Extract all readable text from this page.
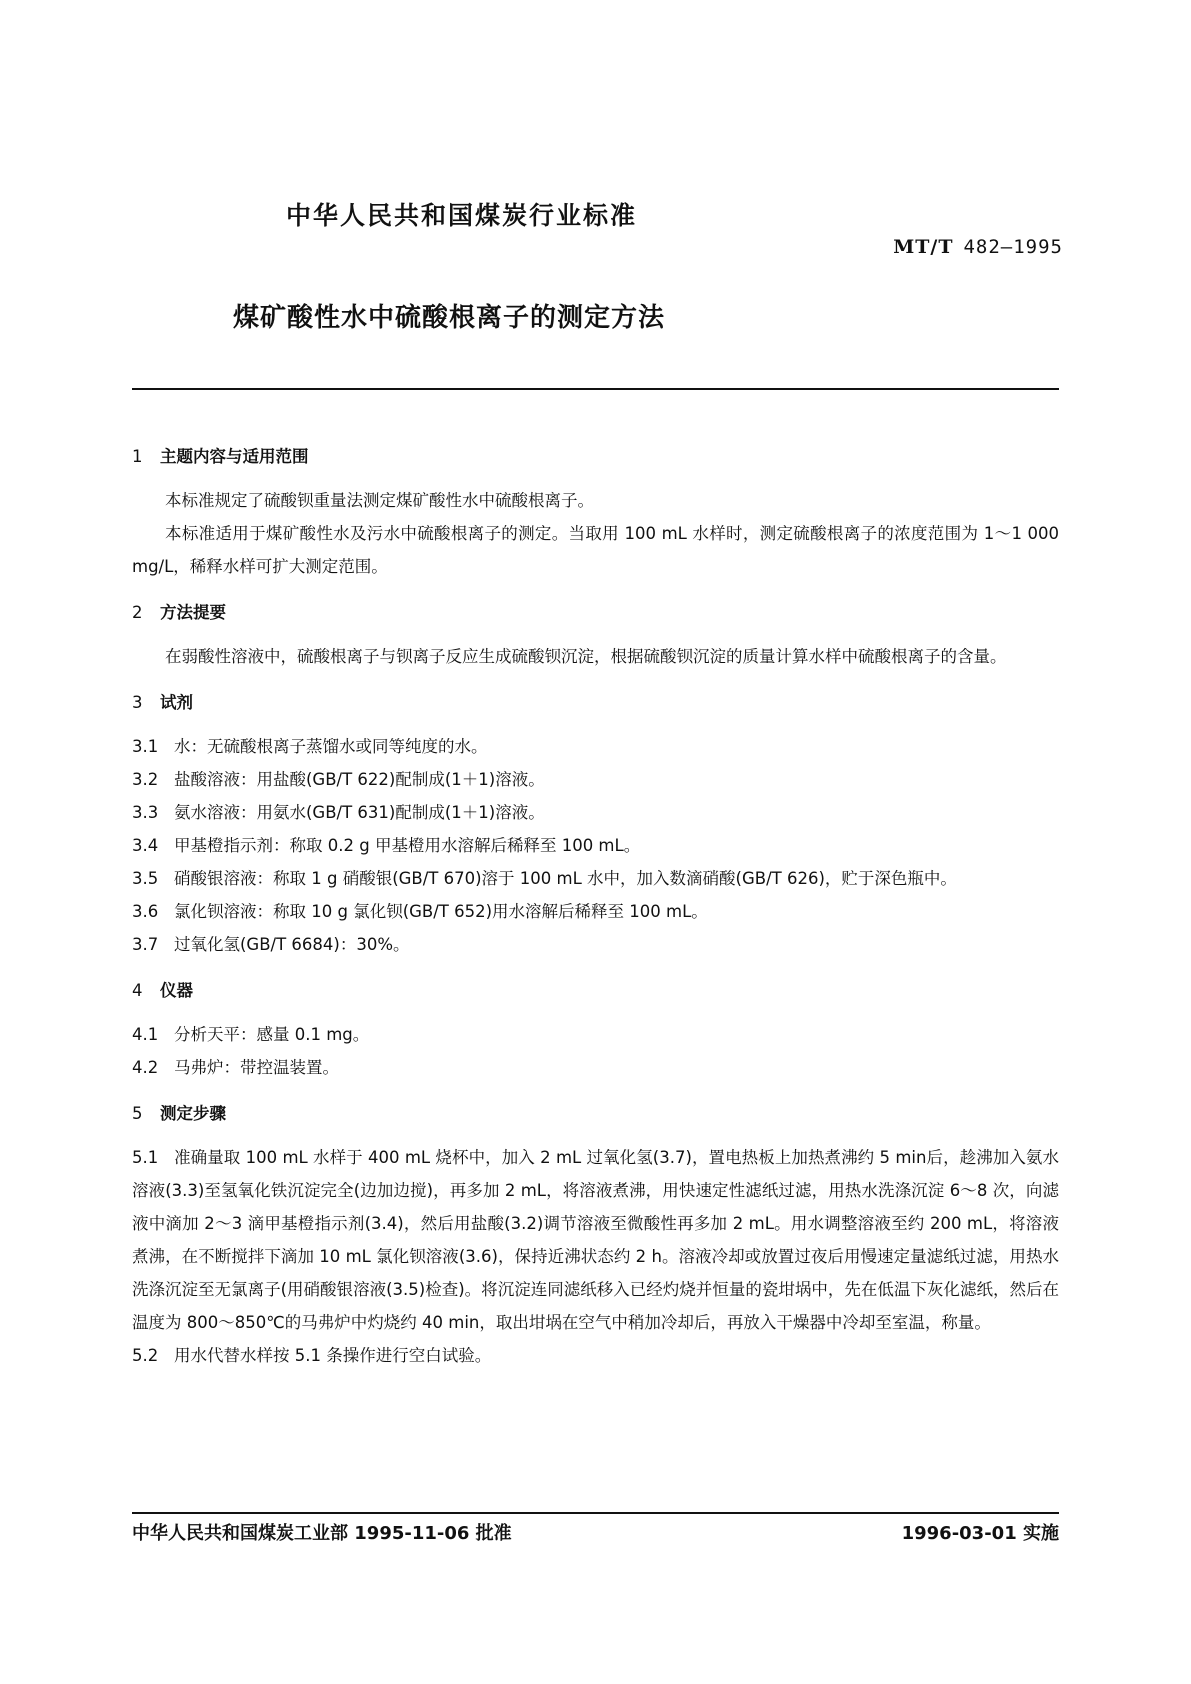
中华人民共和国煤炭行业标准
MT/T 482—1995
煤矿酸性水中硫酸根离子的测定方法
1 主题内容与适用范围
本标准规定了硫酸钡重量法测定煤矿酸性水中硫酸根离子。
本标准适用于煤矿酸性水及污水中硫酸根离子的测定。当取用 100 mL 水样时，测定硫酸根离子的浓度范围为 1～1 000 mg/L，稀释水样可扩大测定范围。
2 方法提要
在弱酸性溶液中，硫酸根离子与钡离子反应生成硫酸钡沉淀，根据硫酸钡沉淀的质量计算水样中硫酸根离子的含量。
3 试剂
3.1 水：无硫酸根离子蒸馏水或同等纯度的水。
3.2 盐酸溶液：用盐酸(GB/T 622)配制成(1＋1)溶液。
3.3 氨水溶液：用氨水(GB/T 631)配制成(1＋1)溶液。
3.4 甲基橙指示剂：称取 0.2 g 甲基橙用水溶解后稀释至 100 mL。
3.5 硝酸银溶液：称取 1 g 硝酸银(GB/T 670)溶于 100 mL 水中，加入数滴硝酸(GB/T 626)，贮于深色瓶中。
3.6 氯化钡溶液：称取 10 g 氯化钡(GB/T 652)用水溶解后稀释至 100 mL。
3.7 过氧化氢(GB/T 6684)：30%。
4 仪器
4.1 分析天平：感量 0.1 mg。
4.2 马弗炉：带控温装置。
5 测定步骤
5.1 准确量取 100 mL 水样于 400 mL 烧杯中，加入 2 mL 过氧化氢(3.7)，置电热板上加热煮沸约 5 min后，趁沸加入氨水溶液(3.3)至氢氧化铁沉淀完全(边加边搅)，再多加 2 mL，将溶液煮沸，用快速定性滤纸过滤，用热水洗涤沉淀 6～8 次，向滤液中滴加 2～3 滴甲基橙指示剂(3.4)，然后用盐酸(3.2)调节溶液至微酸性再多加 2 mL。用水调整溶液至约 200 mL，将溶液煮沸，在不断搅拌下滴加 10 mL 氯化钡溶液(3.6)，保持近沸状态约 2 h。溶液冷却或放置过夜后用慢速定量滤纸过滤，用热水洗涤沉淀至无氯离子(用硝酸银溶液(3.5)检查)。将沉淀连同滤纸移入已经灼烧并恒量的瓷坩埚中，先在低温下灰化滤纸，然后在温度为 800～850℃的马弗炉中灼烧约 40 min，取出坩埚在空气中稍加冷却后，再放入干燥器中冷却至室温，称量。
5.2 用水代替水样按 5.1 条操作进行空白试验。
中华人民共和国煤炭工业部 1995-11-06 批准	1996-03-01 实施
